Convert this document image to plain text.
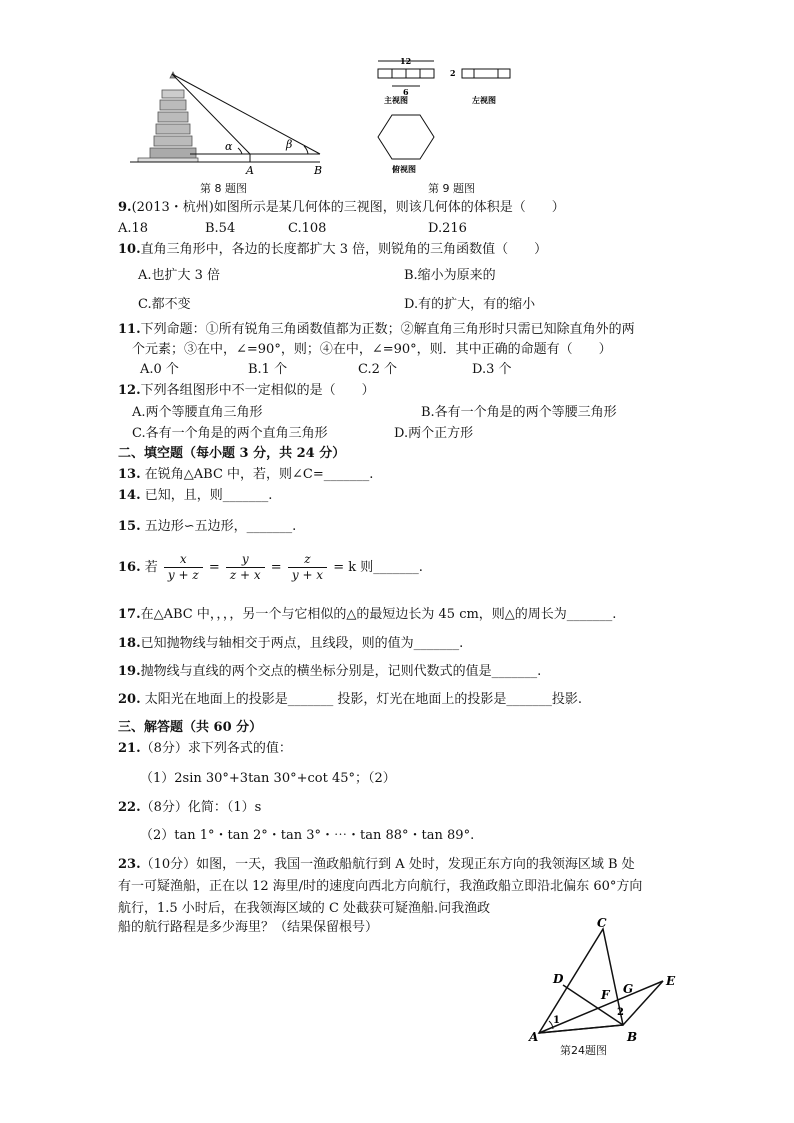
α	β
A	B
第 8 题图
12
6
主视图
2
左视图
俯视图
第 9 题图
9.(2013・杭州)如图所示是某几何体的三视图，则该几何体的体积是（　　）
A.18	B.54	C.108	D.216
10.直角三角形中，各边的长度都扩大 3 倍，则锐角的三角函数值（　　）
A.也扩大 3 倍	B.缩小为原来的
C.都不变	D.有的扩大，有的缩小
11.下列命题：①所有锐角三角函数值都为正数；②解直角三角形时只需已知除直角外的两
个元素；③在中，∠=90°，则；④在中，∠=90°，则．其中正确的命题有（　　）
A.0 个	B.1 个	C.2 个	D.3 个
12.下列各组图形中不一定相似的是（　　）
A.两个等腰直角三角形	B.各有一个角是的两个等腰三角形
C.各有一个角是的两个直角三角形	D.两个正方形
二、填空题（每小题 3 分，共 24 分）
13. 在锐角△ABC 中，若，则∠C=_______.
14. 已知，且，则_______.
15. 五边形∽五边形，_______.
16. 若 $\frac{x}{y + z} = \frac{y}{z + x} = \frac{z}{y + x} = k$ 则_______.
17.在△ABC 中，，，，另一个与它相似的△的最短边长为 45 cm，则△的周长为_______.
18.已知抛物线与轴相交于两点，且线段，则的值为_______.
19.抛物线与直线的两个交点的横坐标分别是，记则代数式的值是_______.
20. 太阳光在地面上的投影是_______ 投影，灯光在地面上的投影是_______投影.
三、解答题（共 60 分）
21.（8分）求下列各式的值：
（1）2sin 30°+3tan 30°+cot 45°；（2）
22.（8分）化简：（1）s
（2）tan 1°・tan 2°・tan 3°・⋯・tan 88°・tan 89°.
23.（10分）如图，一天，我国一渔政船航行到 A 处时，发现正东方向的我领海区域 B 处
有一可疑渔船，正在以 12 海里/时的速度向西北方向航行，我渔政船立即沿北偏东 60°方向
航行，1.5 小时后，在我领海区域的 C 处截获可疑渔船.问我渔政
船的航行路程是多少海里？（结果保留根号）	C
D
F G
E
A	B
1
2
第24题图
